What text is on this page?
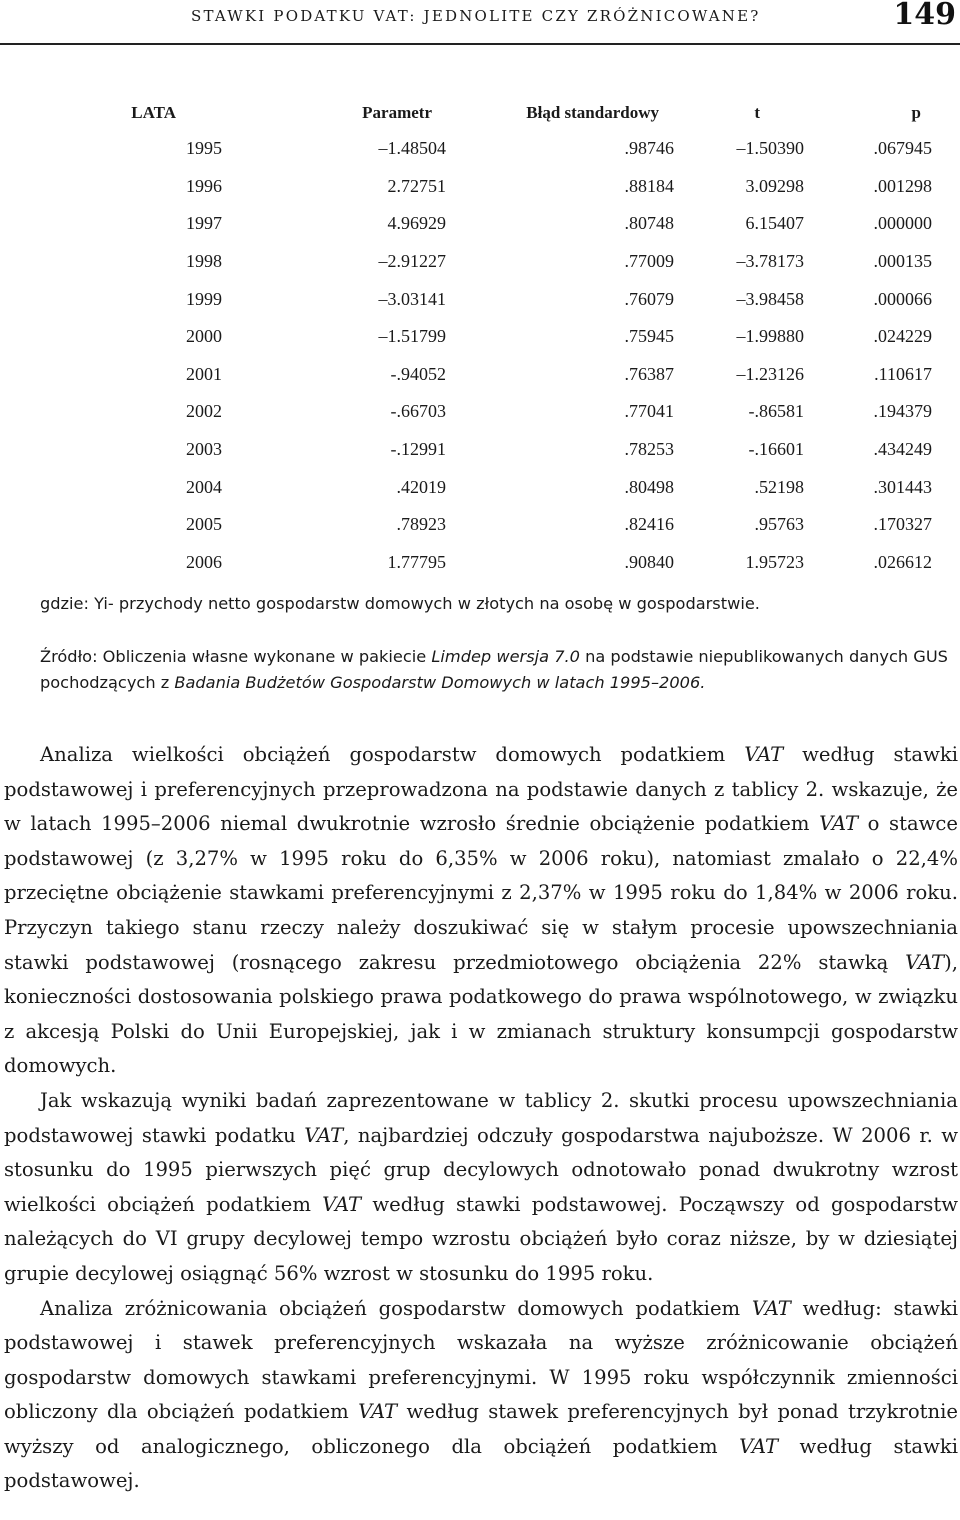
STAWKI PODATKU VAT: JEDNOLITE CZY ZRÓŻNICOWANE?	149
LATA	Parametr	Błąd standardowy	t	p
1995	–1.48504	.98746	–1.50390	.067945
1996	2.72751	.88184	3.09298	.001298
1997	4.96929	.80748	6.15407	.000000
1998	–2.91227	.77009	–3.78173	.000135
1999	–3.03141	.76079	–3.98458	.000066
2000	–1.51799	.75945	–1.99880	.024229
2001	-.94052	.76387	–1.23126	.110617
2002	-.66703	.77041	-.86581	.194379
2003	-.12991	.78253	-.16601	.434249
2004	.42019	.80498	.52198	.301443
2005	.78923	.82416	.95763	.170327
2006	1.77795	.90840	1.95723	.026612
gdzie: Yi- przychody netto gospodarstw domowych w złotych na osobę w gospodarstwie.
Źródło: Obliczenia własne wykonane w pakiecie Limdep wersja 7.0 na podstawie niepublikowanych danych GUS pochodzących z Badania Budżetów Gospodarstw Domowych w latach 1995–2006.

Analiza wielkości obciążeń gospodarstw domowych podatkiem VAT według stawki podstawowej i preferencyjnych przeprowadzona na podstawie danych z tablicy 2. wskazuje, że w latach 1995–2006 niemal dwukrotnie wzrosło średnie obciążenie podatkiem VAT o stawce podstawowej (z 3,27% w 1995 roku do 6,35% w 2006 roku), natomiast zmalało o 22,4% przeciętne obciążenie stawkami preferencyjnymi z 2,37% w 1995 roku do 1,84% w 2006 roku. Przyczyn takiego stanu rzeczy należy doszukiwać się w stałym procesie upowszechniania stawki podstawowej (rosnącego zakresu przedmiotowego obciążenia 22% stawką VAT), konieczności dostosowania polskiego prawa podatkowego do prawa wspólnotowego, w związku z akcesją Polski do Unii Europejskiej, jak i w zmianach struktury konsumpcji gospodarstw domowych.

Jak wskazują wyniki badań zaprezentowane w tablicy 2. skutki procesu upowszechniania podstawowej stawki podatku VAT, najbardziej odczuły gospodarstwa najuboższe. W 2006 r. w stosunku do 1995 pierwszych pięć grup decylowych odnotowało ponad dwukrotny wzrost wielkości obciążeń podatkiem VAT według stawki podstawowej. Począwszy od gospodarstw należących do VI grupy decylowej tempo wzrostu obciążeń było coraz niższe, by w dziesiątej grupie decylowej osiągnąć 56% wzrost w stosunku do 1995 roku.

Analiza zróżnicowania obciążeń gospodarstw domowych podatkiem VAT według: stawki podstawowej i stawek preferencyjnych wskazała na wyższe zróżnicowanie obciążeń gospodarstw domowych stawkami preferencyjnymi. W 1995 roku współczynnik zmienności obliczony dla obciążeń podatkiem VAT według stawek preferencyjnych był ponad trzykrotnie wyższy od analogicznego, obliczonego dla obciążeń podatkiem VAT według stawki podstawowej.
